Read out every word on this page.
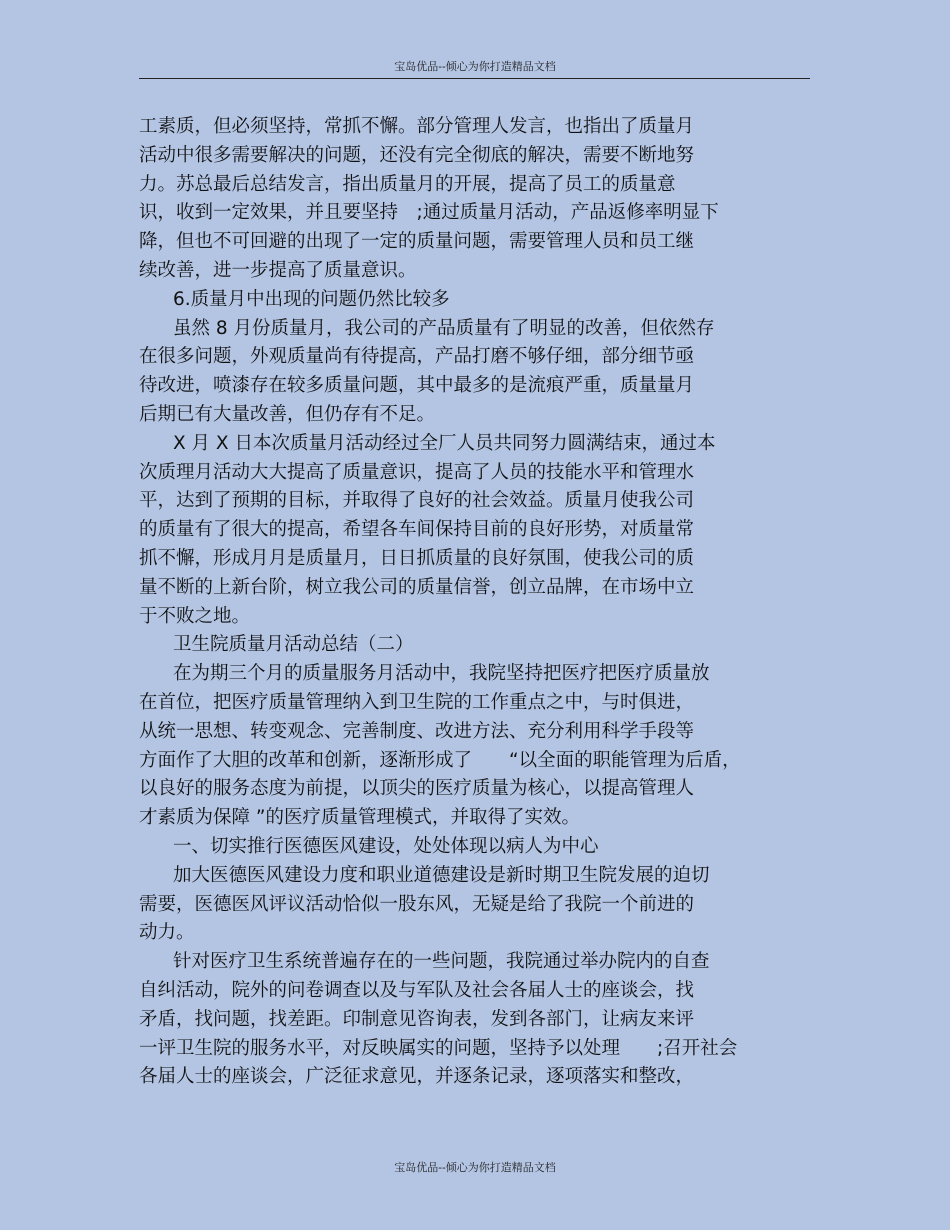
宝岛优品--倾心为你打造精品文档
工素质，但必须坚持，常抓不懈。部分管理人发言，也指出了质量月
活动中很多需要解决的问题，还没有完全彻底的解决，需要不断地努
力。苏总最后总结发言，指出质量月的开展，提高了员工的质量意
识，收到一定效果，并且要坚持　;通过质量月活动，产品返修率明显下
降，但也不可回避的出现了一定的质量问题，需要管理人员和员工继
续改善，进一步提高了质量意识。
6.质量月中出现的问题仍然比较多
虽然 8 月份质量月，我公司的产品质量有了明显的改善，但依然存
在很多问题，外观质量尚有待提高，产品打磨不够仔细，部分细节亟
待改进，喷漆存在较多质量问题，其中最多的是流痕严重，质量量月
后期已有大量改善，但仍存有不足。
X 月 X 日本次质量月活动经过全厂人员共同努力圆满结束，通过本
次质理月活动大大提高了质量意识，提高了人员的技能水平和管理水
平，达到了预期的目标，并取得了良好的社会效益。质量月使我公司
的质量有了很大的提高，希望各车间保持目前的良好形势，对质量常
抓不懈，形成月月是质量月，日日抓质量的良好氛围，使我公司的质
量不断的上新台阶，树立我公司的质量信誉，创立品牌，在市场中立
于不败之地。
卫生院质量月活动总结（二）
在为期三个月的质量服务月活动中，我院坚持把医疗把医疗质量放
在首位，把医疗质量管理纳入到卫生院的工作重点之中，与时俱进，
从统一思想、转变观念、完善制度、改进方法、充分利用科学手段等
方面作了大胆的改革和创新，逐渐形成了　　“以全面的职能管理为后盾，
以良好的服务态度为前提，以顶尖的医疗质量为核心，以提高管理人
才素质为保障 ”的医疗质量管理模式，并取得了实效。
一、切实推行医德医风建设，处处体现以病人为中心
加大医德医风建设力度和职业道德建设是新时期卫生院发展的迫切
需要，医德医风评议活动恰似一股东风，无疑是给了我院一个前进的
动力。
针对医疗卫生系统普遍存在的一些问题，我院通过举办院内的自查
自纠活动，院外的问卷调查以及与军队及社会各届人士的座谈会，找
矛盾，找问题，找差距。印制意见咨询表，发到各部门，让病友来评
一评卫生院的服务水平，对反映属实的问题，坚持予以处理　　;召开社会
各届人士的座谈会，广泛征求意见，并逐条记录，逐项落实和整改，
宝岛优品--倾心为你打造精品文档
